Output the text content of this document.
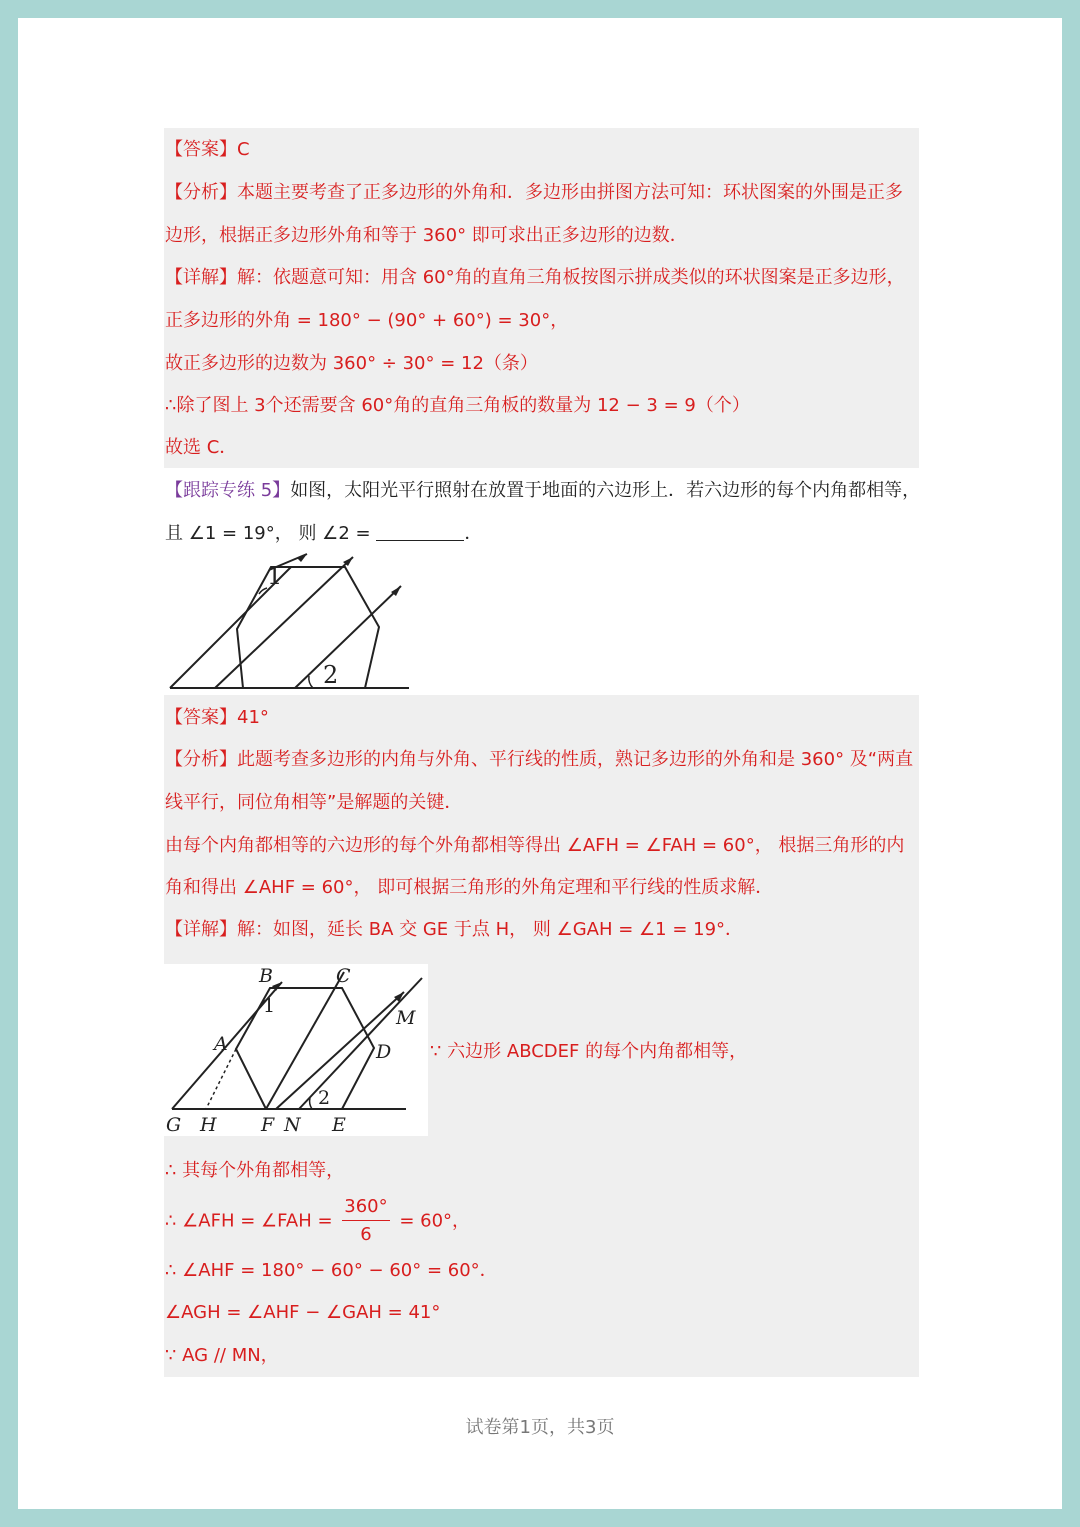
【答案】C
【分析】本题主要考查了正多边形的外角和．多边形由拼图方法可知：环状图案的外围是正多
边形，根据正多边形外角和等于 360° 即可求出正多边形的边数．
【详解】解：依题意可知：用含 60°角的直角三角板按图示拼成类似的环状图案是正多边形，
正多边形的外角 = 180° − (90° + 60°) = 30°，
故正多边形的边数为 360° ÷ 30° = 12（条）
∴除了图上 3个还需要含 60°角的直角三角板的数量为 12 − 3 = 9（个）
故选 C．
【跟踪专练 5】如图，太阳光平行照射在放置于地面的六边形上．若六边形的每个内角都相等，
且 ∠1 = 19°， 则 ∠2 =	．
1
2
【答案】41°
【分析】此题考查多边形的内角与外角、平行线的性质，熟记多边形的外角和是 360° 及“两直
线平行，同位角相等”是解题的关键．
由每个内角都相等的六边形的每个外角都相等得出 ∠AFH = ∠FAH = 60°， 根据三角形的内
角和得出 ∠AHF = 60°， 即可根据三角形的外角定理和平行线的性质求解．
【详解】解：如图，延长 BA 交 GE 于点 H， 则 ∠GAH = ∠1 = 19°．
B	C
M
A	D
G H F N E
1
2
∵ 六边形 ABCDEF 的每个内角都相等，
∴ 其每个外角都相等，
∴ ∠AFH = ∠FAH = $\frac{360^\circ}{6} = 60^\circ$，
∴ ∠AHF = 180° − 60° − 60° = 60°．
∠AGH = ∠AHF − ∠GAH = 41°
∵ AG // MN，
试卷第1页，共3页
